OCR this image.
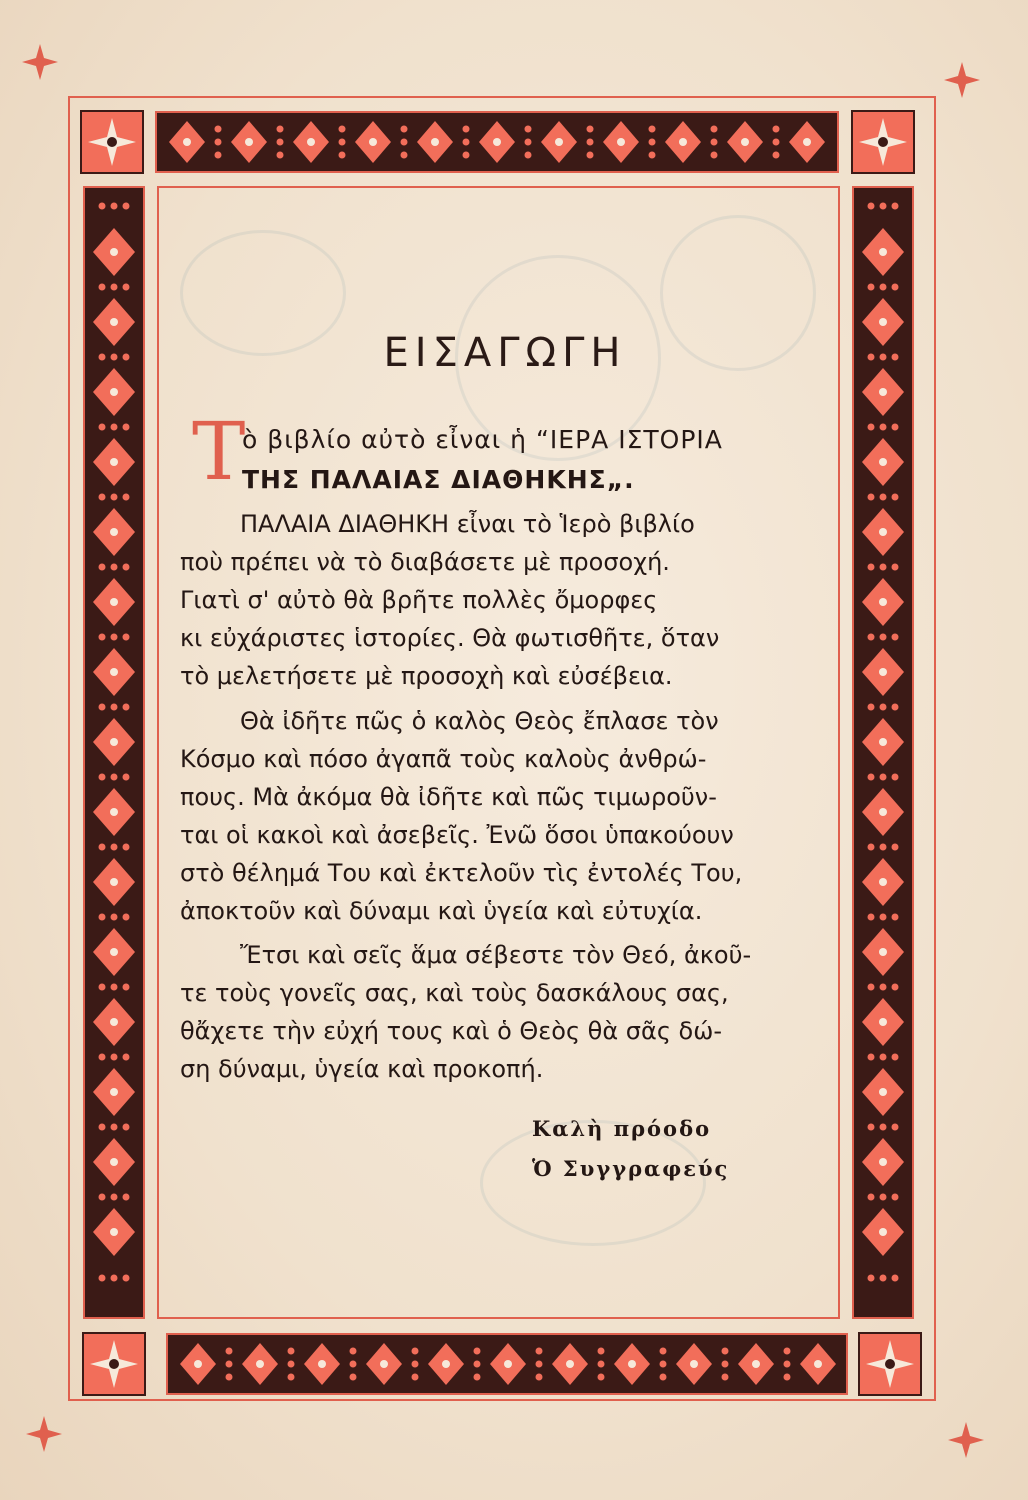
ΕΙΣΑΓΩΓΗ
Τ
ὸ βιβλίο αὐτὸ εἶναι ἡ “ΙΕΡΑ ΙΣΤΟΡΙΑ
ΤΗΣ ΠΑΛΑΙΑΣ ΔΙΑΘΗΚΗΣ„.
ΠΑΛΑΙΑ ΔΙΑΘΗΚΗ εἶναι τὸ Ἱερὸ βιβλίο
ποὺ πρέπει νὰ τὸ διαβάσετε μὲ προσοχή.
Γιατὶ σ' αὐτὸ θὰ βρῆτε πολλὲς ὄμορφες
κι εὐχάριστες ἱστορίες. Θὰ φωτισθῆτε, ὅταν
τὸ μελετήσετε μὲ προσοχὴ καὶ εὐσέβεια.
Θὰ ἰδῆτε πῶς ὁ καλὸς Θεὸς ἔπλασε τὸν
Κόσμο καὶ πόσο ἀγαπᾶ τοὺς καλοὺς ἀνθρώ-
πους. Μὰ ἀκόμα θὰ ἰδῆτε καὶ πῶς τιμωροῦν-
ται οἱ κακοὶ καὶ ἀσεβεῖς. Ἐνῶ ὅσοι ὑπακούουν
στὸ θέλημά Του καὶ ἐκτελοῦν τὶς ἐντολές Του,
ἀποκτοῦν καὶ δύναμι καὶ ὑγεία καὶ εὐτυχία.
Ἔτσι καὶ σεῖς ἅμα σέβεστε τὸν Θεό, ἀκοῦ-
τε τοὺς γονεῖς σας, καὶ τοὺς δασκάλους σας,
θἄχετε τὴν εὐχή τους καὶ ὁ Θεὸς θὰ σᾶς δώ-
ση δύναμι, ὑγεία καὶ προκοπή.
Καλὴ πρόοδο
Ὁ Συγγραφεύς
